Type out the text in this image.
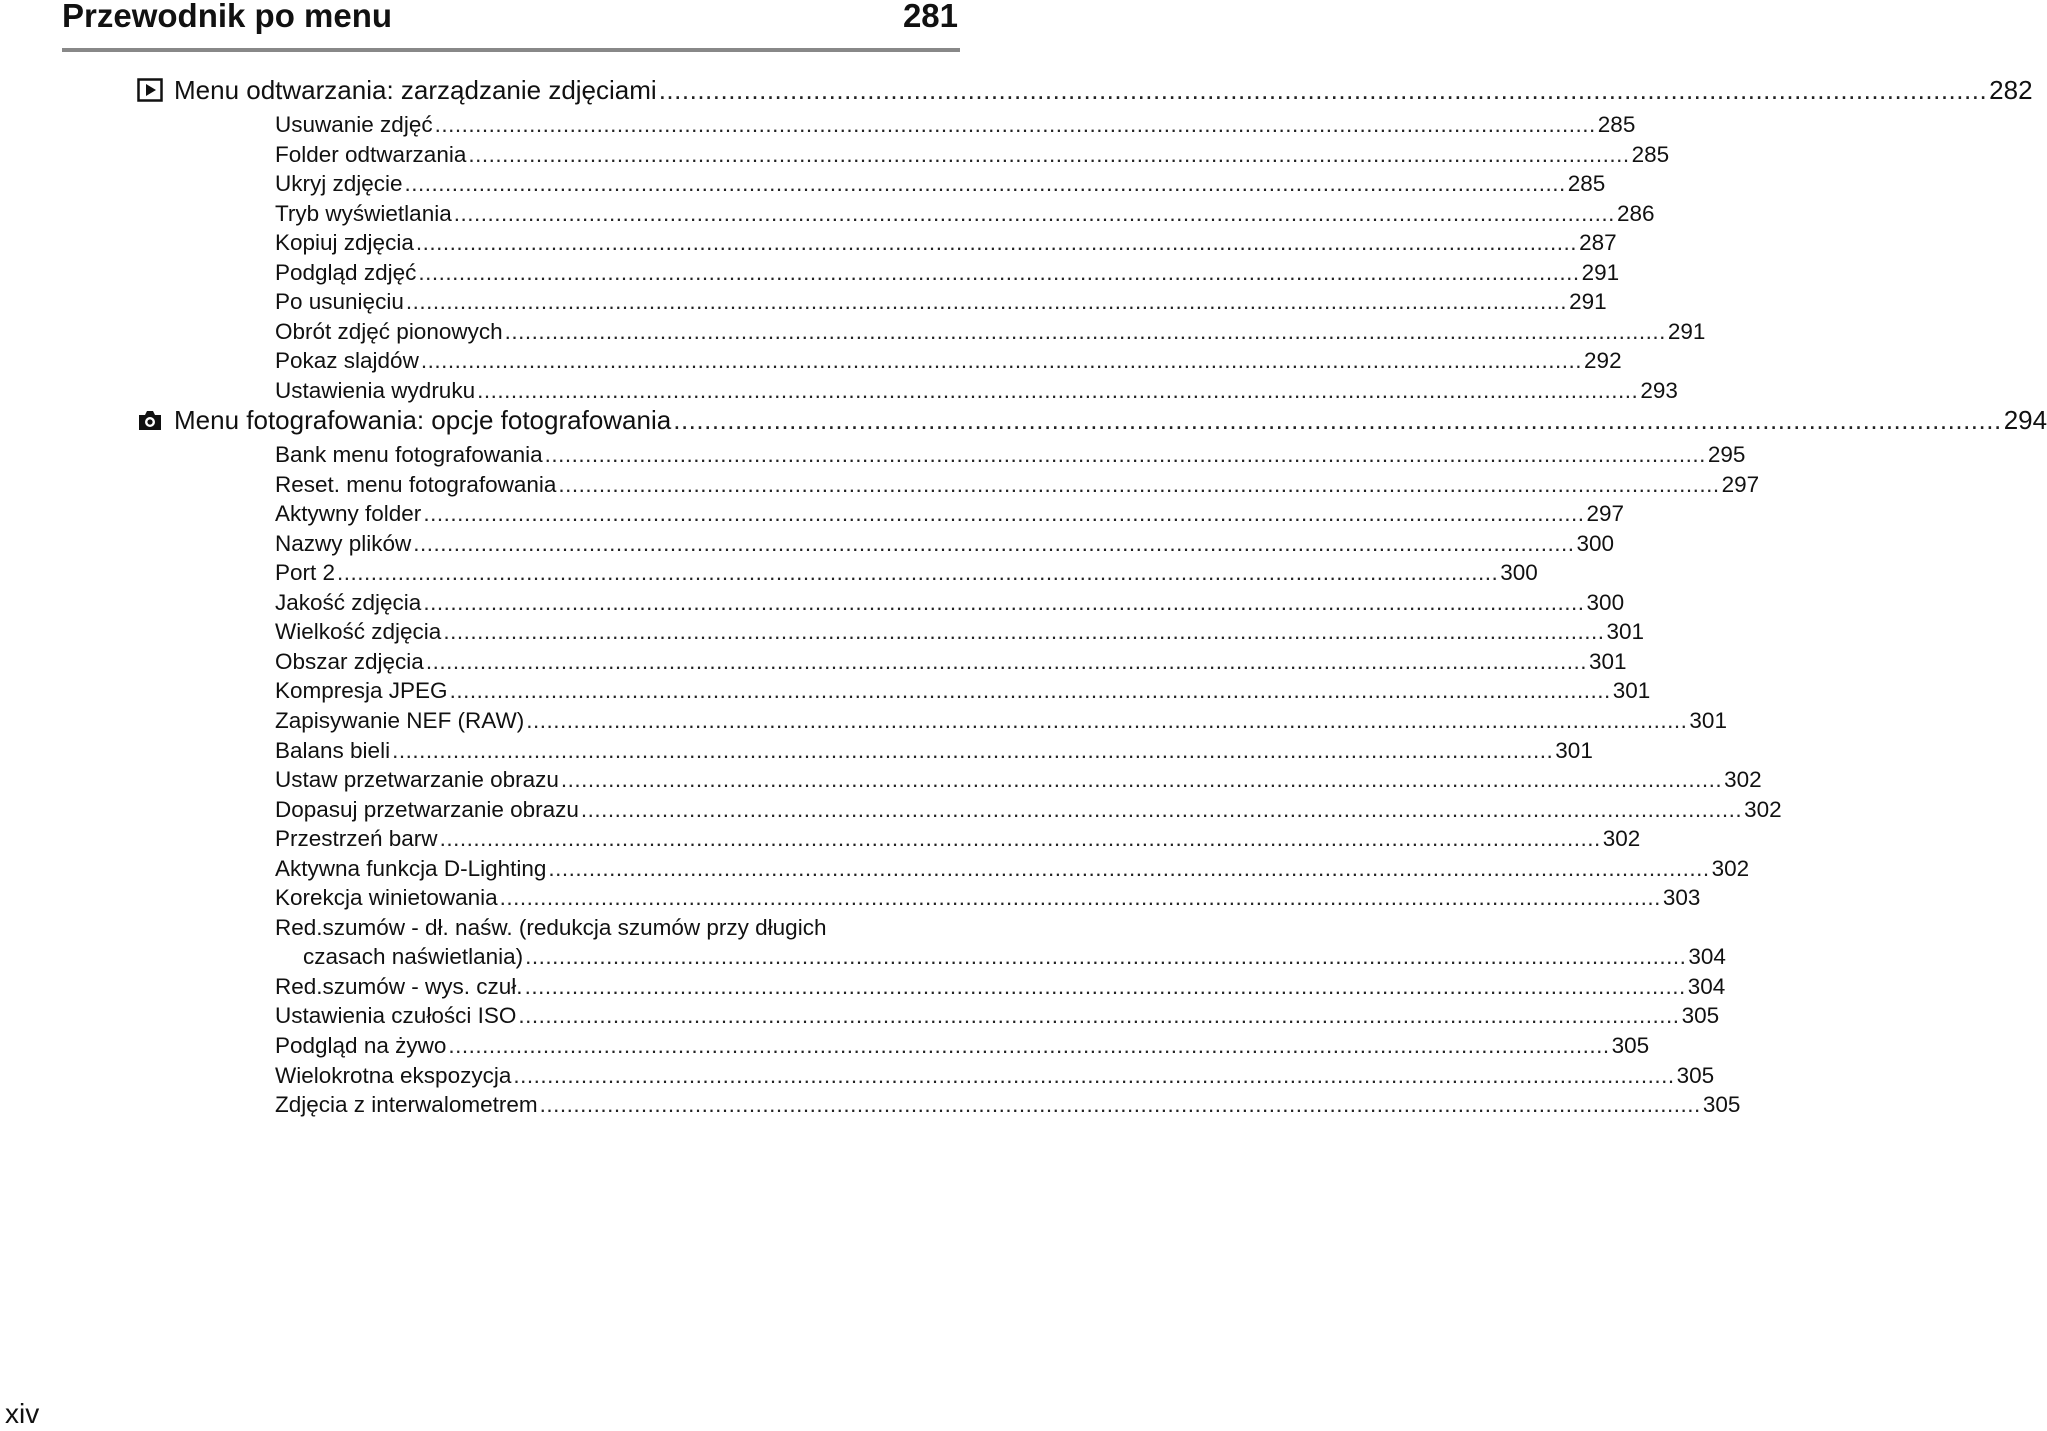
Przewodnik po menu	281
Menu odtwarzania: zarządzanie zdjęciami ............................................................................................................................................................................ 282
Usuwanie zdjęć ............................................................................................................................................................................ 285
Folder odtwarzania ............................................................................................................................................................................ 285
Ukryj zdjęcie ............................................................................................................................................................................ 285
Tryb wyświetlania ............................................................................................................................................................................ 286
Kopiuj zdjęcia ............................................................................................................................................................................ 287
Podgląd zdjęć ............................................................................................................................................................................ 291
Po usunięciu ............................................................................................................................................................................ 291
Obrót zdjęć pionowych ............................................................................................................................................................................ 291
Pokaz slajdów ............................................................................................................................................................................ 292
Ustawienia wydruku ............................................................................................................................................................................ 293
Menu fotografowania: opcje fotografowania ............................................................................................................................................................................ 294
Bank menu fotografowania ............................................................................................................................................................................ 295
Reset. menu fotografowania ............................................................................................................................................................................ 297
Aktywny folder ............................................................................................................................................................................ 297
Nazwy plików ............................................................................................................................................................................ 300
Port 2 ............................................................................................................................................................................ 300
Jakość zdjęcia ............................................................................................................................................................................ 300
Wielkość zdjęcia ............................................................................................................................................................................ 301
Obszar zdjęcia ............................................................................................................................................................................ 301
Kompresja JPEG ............................................................................................................................................................................ 301
Zapisywanie NEF (RAW) ............................................................................................................................................................................ 301
Balans bieli ............................................................................................................................................................................ 301
Ustaw przetwarzanie obrazu ............................................................................................................................................................................ 302
Dopasuj przetwarzanie obrazu ............................................................................................................................................................................ 302
Przestrzeń barw ............................................................................................................................................................................ 302
Aktywna funkcja D-Lighting ............................................................................................................................................................................ 302
Korekcja winietowania ............................................................................................................................................................................ 303
Red.szumów - dł. naśw. (redukcja szumów przy długich
czasach naświetlania) ............................................................................................................................................................................ 304
Red.szumów - wys. czuł. ............................................................................................................................................................................ 304
Ustawienia czułości ISO ............................................................................................................................................................................ 305
Podgląd na żywo ............................................................................................................................................................................ 305
Wielokrotna ekspozycja ............................................................................................................................................................................ 305
Zdjęcia z interwalometrem ............................................................................................................................................................................ 305
xiv
